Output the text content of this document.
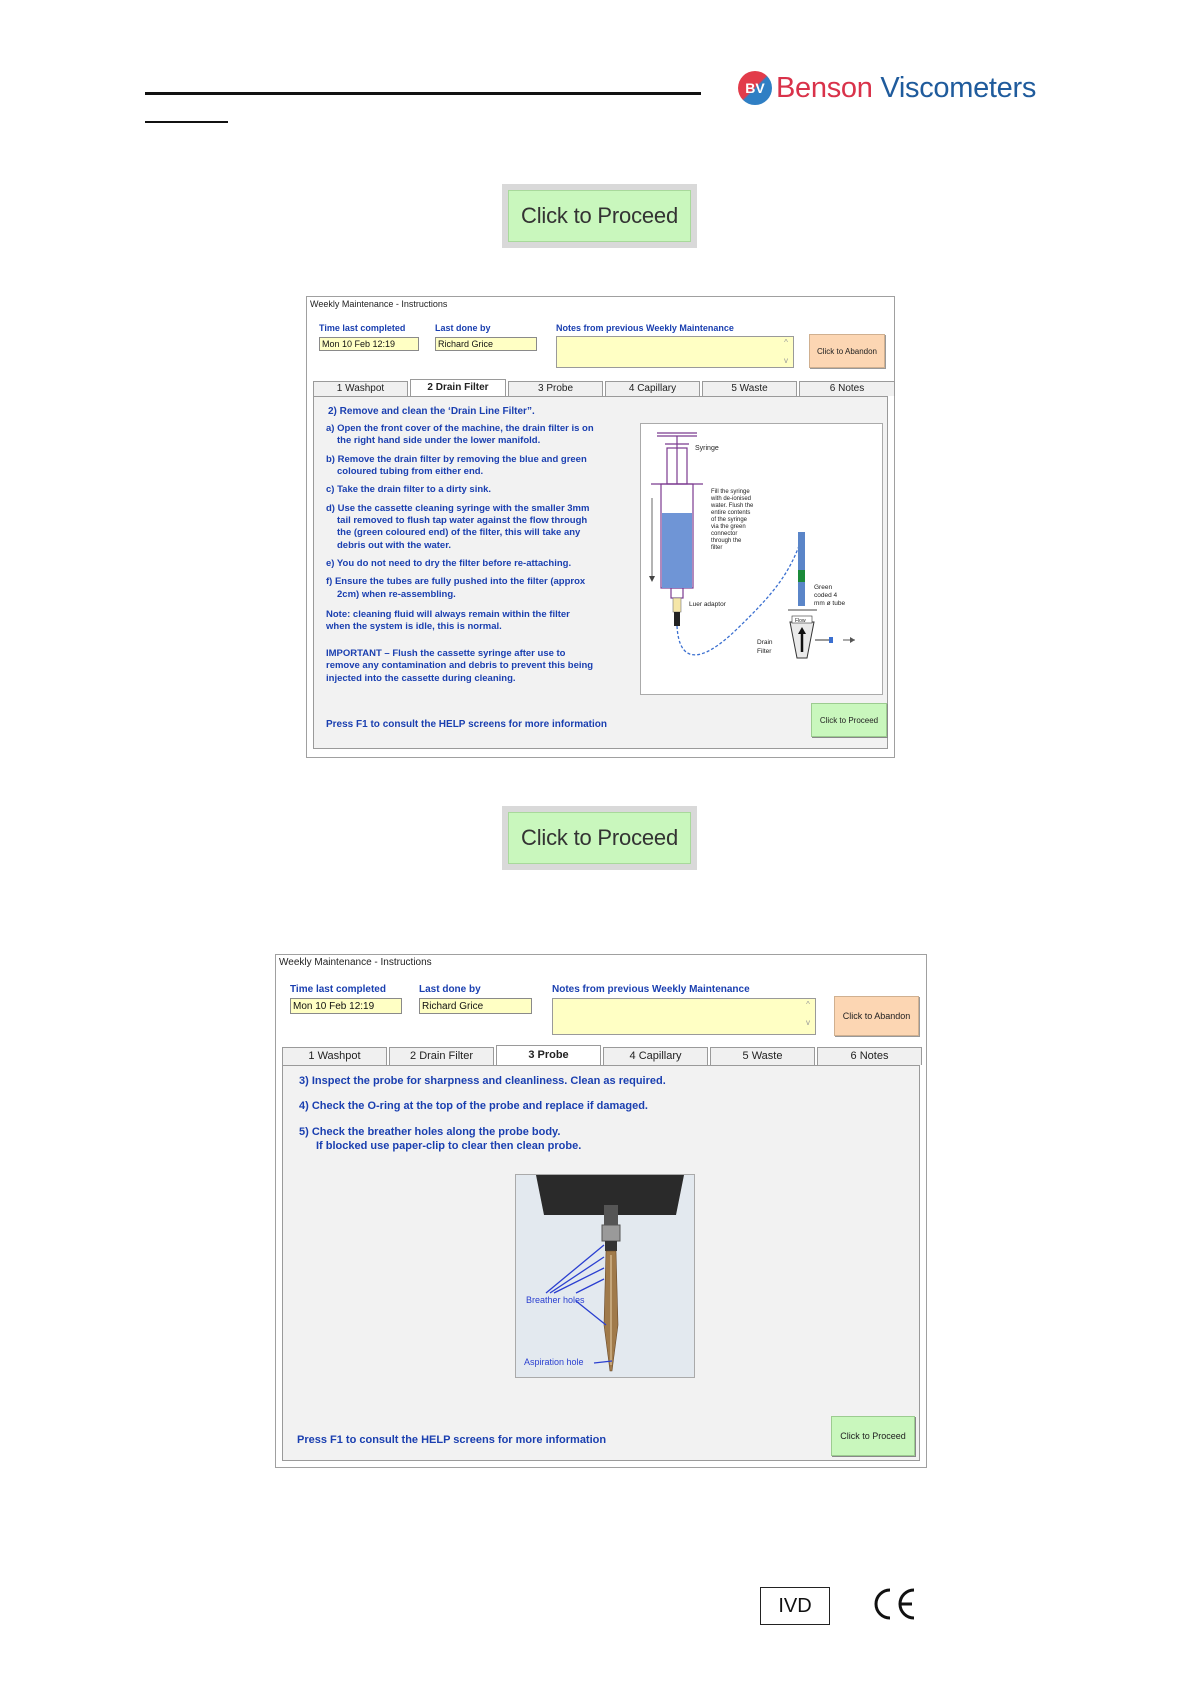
BV Benson Viscometers
Click to Proceed
Weekly Maintenance - Instructions
Time last completed
Mon 10 Feb 12:19
Last done by
Richard Grice
Notes from previous Weekly Maintenance
^

v
Click to Abandon
1 Washpot	2 Drain Filter	3 Probe	4 Capillary	5 Waste	6 Notes
2) Remove and clean the ‘Drain Line Filter”.
a) Open the front cover of the machine, the drain filter is on
the right hand side under the lower manifold.
b) Remove the drain filter by removing the blue and green
coloured tubing from either end.
c) Take the drain filter to a dirty sink.
d) Use the cassette cleaning syringe with the smaller 3mm
tail removed to flush tap water against the flow through
the (green coloured end) of the filter, this will take any
debris out with the water.
e) You do not need to dry the filter before re-attaching.
f) Ensure the tubes are fully pushed into the filter (approx
2cm) when re-assembling.
Note: cleaning fluid will always remain within the filter
when the system is idle, this is normal.
IMPORTANT – Flush the cassette syringe after use to
remove any contamination and debris to prevent this being
injected into the cassette during cleaning.
Syringe
Fill the syringe with de-ionised water. Flush the entire contents of the syringe via the green connector through the filter
Luer adaptor
Green coded 4 mm ø tube
Flow
Drain Filter
Press F1 to consult the HELP screens for more information	Click to Proceed
Click to Proceed
Weekly Maintenance - Instructions
Time last completed
Mon 10 Feb 12:19
Last done by
Richard Grice
Notes from previous Weekly Maintenance
^

v
Click to Abandon
1 Washpot	2 Drain Filter	3 Probe	4 Capillary	5 Waste	6 Notes
3) Inspect the probe for sharpness and cleanliness. Clean as required.
4) Check the O-ring at the top of the probe and replace if damaged.
5) Check the breather holes along the probe body.
If blocked use paper-clip to clear then clean probe.
Breather holes
Aspiration hole
Press F1 to consult the HELP screens for more information	Click to Proceed
IVD
